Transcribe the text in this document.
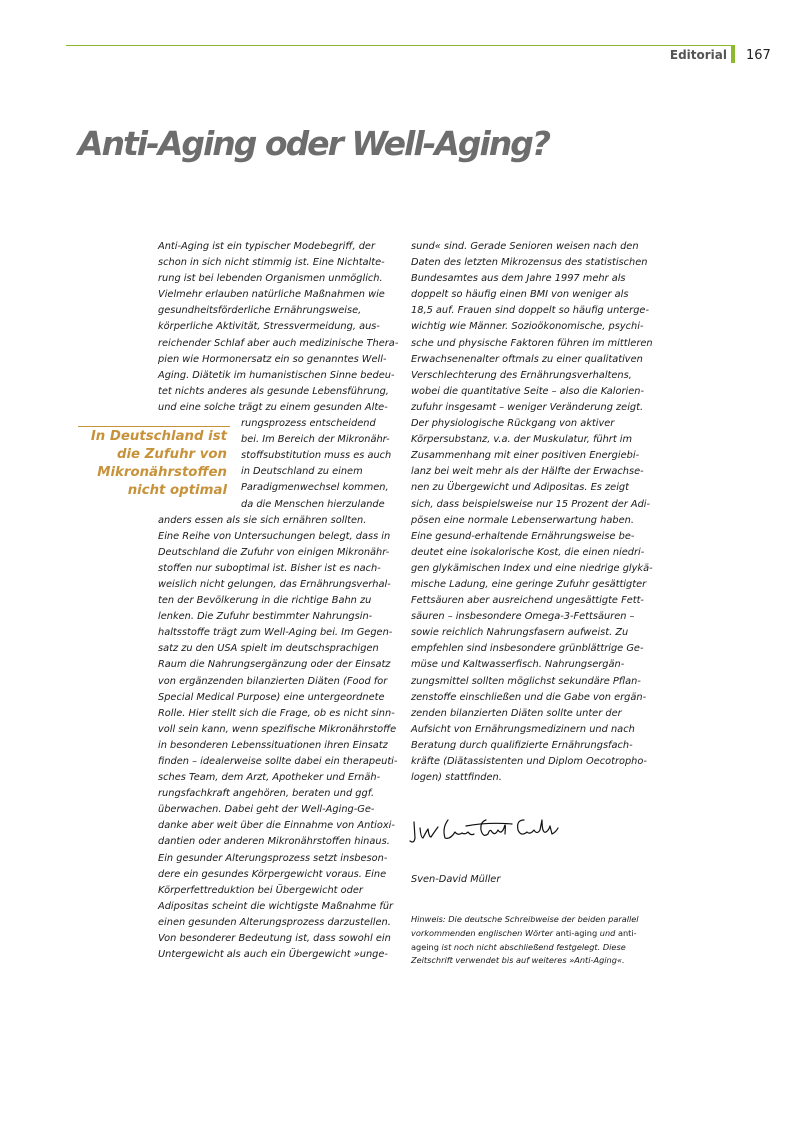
Editorial 167
Anti-Aging oder Well-Aging?
In Deutschland ist
die Zufuhr von
Mikronährstoffen
nicht optimal
Anti-Aging ist ein typischer Modebegriff, der
schon in sich nicht stimmig ist. Eine Nichtalte-
rung ist bei lebenden Organismen unmöglich.
Vielmehr erlauben natürliche Maßnahmen wie
gesundheitsförderliche Ernährungsweise,
körperliche Aktivität, Stressvermeidung, aus-
reichender Schlaf aber auch medizinische Thera-
pien wie Hormonersatz ein so genanntes Well-
Aging. Diätetik im humanistischen Sinne bedeu-
tet nichts anderes als gesunde Lebensführung,
und eine solche trägt zu einem gesunden Alte-
rungsprozess entscheidend
bei. Im Bereich der Mikronähr-
stoffsubstitution muss es auch
in Deutschland zu einem
Paradigmenwechsel kommen,
da die Menschen hierzulande
anders essen als sie sich ernähren sollten.
Eine Reihe von Untersuchungen belegt, dass in
Deutschland die Zufuhr von einigen Mikronähr-
stoffen nur suboptimal ist. Bisher ist es nach-
weislich nicht gelungen, das Ernährungsverhal-
ten der Bevölkerung in die richtige Bahn zu
lenken. Die Zufuhr bestimmter Nahrungsin-
haltsstoffe trägt zum Well-Aging bei. Im Gegen-
satz zu den USA spielt im deutschsprachigen
Raum die Nahrungsergänzung oder der Einsatz
von ergänzenden bilanzierten Diäten (Food for
Special Medical Purpose) eine untergeordnete
Rolle. Hier stellt sich die Frage, ob es nicht sinn-
voll sein kann, wenn spezifische Mikronährstoffe
in besonderen Lebenssituationen ihren Einsatz
finden – idealerweise sollte dabei ein therapeuti-
sches Team, dem Arzt, Apotheker und Ernäh-
rungsfachkraft angehören, beraten und ggf.
überwachen. Dabei geht der Well-Aging-Ge-
danke aber weit über die Einnahme von Antioxi-
dantien oder anderen Mikronährstoffen hinaus.
Ein gesunder Alterungsprozess setzt insbeson-
dere ein gesundes Körpergewicht voraus. Eine
Körperfettreduktion bei Übergewicht oder
Adipositas scheint die wichtigste Maßnahme für
einen gesunden Alterungsprozess darzustellen.
Von besonderer Bedeutung ist, dass sowohl ein
Untergewicht als auch ein Übergewicht »unge-
sund« sind. Gerade Senioren weisen nach den
Daten des letzten Mikrozensus des statistischen
Bundesamtes aus dem Jahre 1997 mehr als
doppelt so häufig einen BMI von weniger als
18,5 auf. Frauen sind doppelt so häufig unterge-
wichtig wie Männer. Sozioökonomische, psychi-
sche und physische Faktoren führen im mittleren
Erwachsenenalter oftmals zu einer qualitativen
Verschlechterung des Ernährungsverhaltens,
wobei die quantitative Seite – also die Kalorien-
zufuhr insgesamt – weniger Veränderung zeigt.
Der physiologische Rückgang von aktiver
Körpersubstanz, v.a. der Muskulatur, führt im
Zusammenhang mit einer positiven Energiebi-
lanz bei weit mehr als der Hälfte der Erwachse-
nen zu Übergewicht und Adipositas. Es zeigt
sich, dass beispielsweise nur 15 Prozent der Adi-
pösen eine normale Lebenserwartung haben.
Eine gesund-erhaltende Ernährungsweise be-
deutet eine isokalorische Kost, die einen niedri-
gen glykämischen Index und eine niedrige glykä-
mische Ladung, eine geringe Zufuhr gesättigter
Fettsäuren aber ausreichend ungesättigte Fett-
säuren – insbesondere Omega-3-Fettsäuren –
sowie reichlich Nahrungsfasern aufweist. Zu
empfehlen sind insbesondere grünblättrige Ge-
müse und Kaltwasserfisch. Nahrungsergän-
zungsmittel sollten möglichst sekundäre Pflan-
zenstoffe einschließen und die Gabe von ergän-
zenden bilanzierten Diäten sollte unter der
Aufsicht von Ernährungsmedizinern und nach
Beratung durch qualifizierte Ernährungsfach-
kräfte (Diätassistenten und Diplom Oecotropho-
logen) stattfinden.
Sven-David Müller
Hinweis: Die deutsche Schreibweise der beiden parallel
vorkommenden englischen Wörter anti-aging und anti-
ageing ist noch nicht abschließend festgelegt. Diese
Zeitschrift verwendet bis auf weiteres »Anti-Aging«.
